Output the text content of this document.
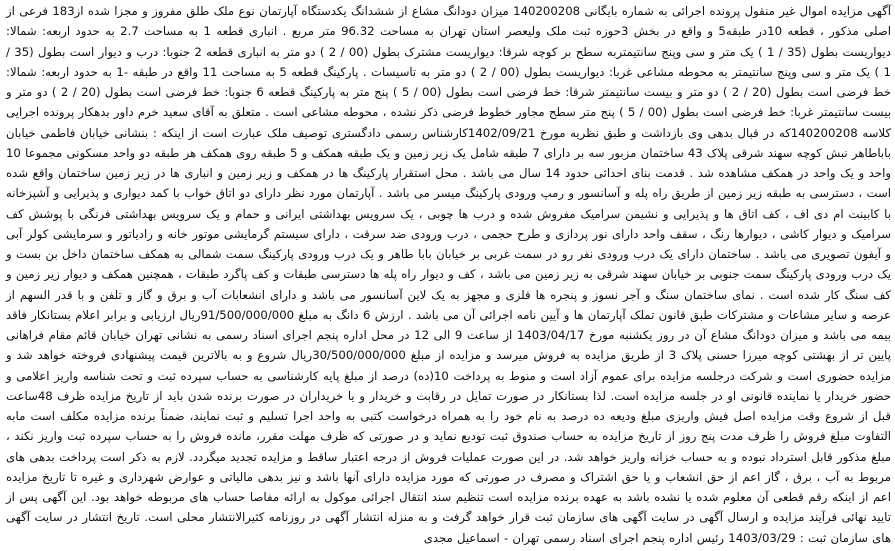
آگهی مزایده اموال غیر منقول پرونده اجرائی به شماره بایگانی 140200208 میزان دودانگ مشاع از ششدانگ یکدستگاه آپارتمان نوع ملک طلق مفروز و مجزا شده از183 فرعی از اصلی مذکور ، قطعه 10در طبقه5 و واقع در بخش 3حوزه ثبت ملک ولیعصر استان تهران به مساحت 96.32 متر مربع . انباری قطعه 1 به مساحت 2.7 به حدود اربعه: شمالا: دیواریست بطول (35 / 1 ) یک متر و سی وپنج سانتیمتربه سطح بر کوچه شرقا: دیواریست مشترک بطول (00 / 2 ) دو متر به انباری قطعه 2 جنوبا: درب و دیوار است بطول (35 / 1 ) یک متر و سی وپنج سانتیمتر به محوطه مشاعی غربا: دیواریست بطول (00 / 2 ) دو متر به تاسیسات . پارکینگ قطعه 5 به مساحت 11 واقع در طبقه -1 به حدود اربعه: شمالا: خط فرضی است بطول (20 / 2 ) دو متر و بیست سانتیمتر شرقا: خط فرضی است بطول (00 / 5 ) پنج متر به پارکینگ قطعه 6 جنوبا: خط فرضی است بطول (20 / 2 ) دو متر و بیست سانتیمتر غربا: خط فرضی است بطول (00 / 5 ) پنج متر سطح مجاور خطوط فرضی ذکر نشده ، محوطه مشاعی است . متعلق به آقای سعید خرم داور بدهکار پرونده اجرایی کلاسه 140200208که در قبال بدهی وی بازداشت و طبق نظریه مورخ 1402/09/21کارشناس رسمی دادگستری توصیف ملک عبارت است از اینکه : بنشانی خیابان فاطمی خیابان باباطاهر نبش کوچه سهند شرقی پلاک 43 ساختمان مزبور سه بر دارای 7 طبقه شامل یک زیر زمین و یک طبقه همکف و 5 طبقه روی همکف هر طبقه دو واحد مسکونی مجموعا 10 واحد و یک واحد در همکف مشاهده شد . قدمت بنای احداثی حدود 14 سال می باشد . محل استقرار پارکینگ ها در همکف و زیر زمین و انباری ها در زیر زمین ساختمان واقع شده است ، دسترسی به طبقه زیر زمین از طریق راه پله و آسانسور و رمپ ورودی پارکینگ میسر می باشد . آپارتمان مورد نظر دارای دو اتاق خواب با کمد دیواری و پذیرایی و آشپزخانه با کابینت ام دی اف ، کف اتاق ها و پذیرایی و نشیمن سرامیک مفروش شده و درب ها چوبی ، یک سرویس بهداشتی ایرانی و حمام و یک سرویس بهداشتی فرنگی با پوشش کف سرامیک و دیوار کاشی ، دیوارها رنگ ، سقف واحد دارای نور پردازی و طرح حجمی ، درب ورودی ضد سرقت ، دارای سیستم گرمایشی موتور خانه و رادیاتور و سرمایشی کولر آبی و آیفون تصویری می باشد . ساختمان دارای یک درب ورودی نفر رو در سمت غربی بر خیابان بابا طاهر و یک درب ورودی پارکینگ سمت شمالی به همکف ساختمان داخل بن بست و یک درب ورودی پارکینگ سمت جنوبی بر خیابان سهند شرقی به زیر زمین می باشد ، کف و دیوار راه پله ها دسترسی طبقات و کف پاگرد طبقات ، همچنین همکف و دیوار زیر زمین و کف سنگ کار شده است . نمای ساختمان سنگ و آجر نسوز و پنجره ها فلزی و مجهز به یک لاین آسانسور می باشد و دارای انشعابات آب و برق و گاز و تلفن و با قدر السهم از عرصه و سایر مشاعات و مشترکات طبق قانون تملک آپارتمان ها و آیین نامه اجرائی آن می باشد . ارزش 6 دانگ به مبلغ 91/500/000/000ریال ارزیابی و برابر اعلام بستانکار فاقد بیمه می باشد و میزان دودانگ مشاع آن در روز یکشنبه مورخ 1403/04/17 از ساعت 9 الی 12 در محل اداره پنجم اجرای اسناد رسمی به نشانی تهران خیابان قائم مقام فراهانی پایین تر از بهشتی کوچه میرزا حسنی پلاک 3 از طریق مزایده به فروش میرسد و مزایده از مبلغ 30/500/000/000ریال شروع و به بالاترین قیمت پیشنهادی فروخته خواهد شد و مزایده حضوری است و شرکت درجلسه مزایده برای عموم آزاد است و منوط به پرداخت 10(ده) درصد از مبلغ پایه کارشناسی به حساب سپرده ثبت و تحت شناسه واریز اعلامی و حضور خریدار یا نماینده قانونی او در جلسه مزایده است. لذا بستانکار در صورت تمایل در رقابت و خریدار و یا خریداران در صورت برنده شدن باید از تاریخ مزایده ظرف 48ساعت قبل از شروع وقت مزایده اصل فیش واریزی مبلغ ودیعه ده درصد به نام خود را به همراه درخواست کتبی به واحد اجرا تسلیم و ثبت نمایند، ضمناً برنده مزایده مکلف است مابه التفاوت مبلغ فروش را ظرف مدت پنج روز از تاریخ مزایده به حساب صندوق ثبت تودیع نماید و در صورتی که ظرف مهلت مقرر، مانده فروش را به حساب سپرده ثبت واریز نکند ، مبلغ مذکور قابل استرداد نبوده و به حساب خزانه واریز خواهد شد. در این صورت عملیات فروش از درجه اعتبار ساقط و مزایده تجدید میگردد. لازم به ذکر است پرداخت بدهی های مربوط به آب ، برق ، گاز اعم از حق انشعاب و یا حق اشتراک و مصرف در صورتی که مورد مزایده دارای آنها باشد و نیز بدهی مالیاتی و عوارض شهرداری و غیره تا تاریخ مزایده اعم از اینکه رقم قطعی آن معلوم شده یا نشده باشد به عهده برنده مزایده است تنظیم سند انتقال اجرائی موکول به ارائه مفاصا حساب های مربوطه خواهد بود. این آگهی پس از تایید نهائی فرآیند مزایده و ارسال آگهی در سایت آگهی های سازمان ثبت قرار خواهد گرفت و به منزله انتشار آگهی در روزنامه کثیرالانتشار محلی است. تاریخ انتشار در سایت آگهی های سازمان ثبت : 1403/03/29 رئیس اداره پنجم اجرای اسناد رسمی تهران - اسماعیل مجدی
